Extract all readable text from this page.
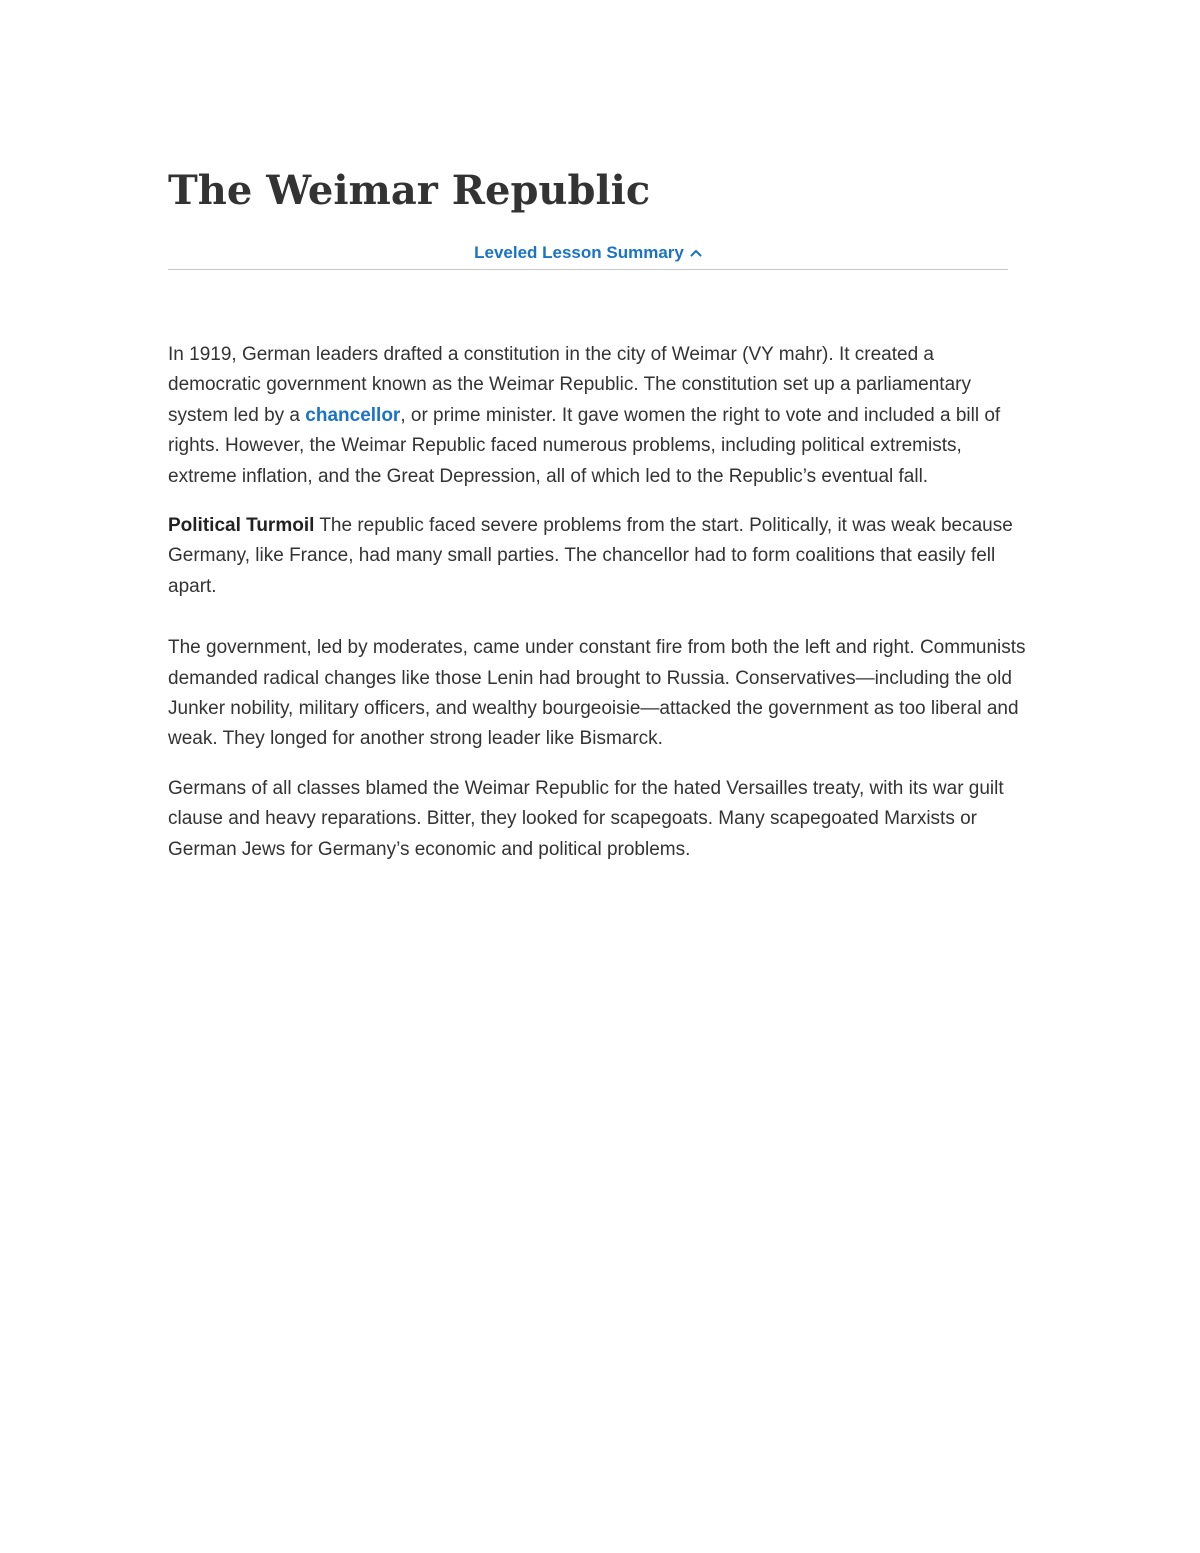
The Weimar Republic
Leveled Lesson Summary

In 1919, German leaders drafted a constitution in the city of Weimar (VY mahr). It created a democratic government known as the Weimar Republic. The constitution set up a parliamentary system led by a chancellor, or prime minister. It gave women the right to vote and included a bill of rights. However, the Weimar Republic faced numerous problems, including political extremists, extreme inflation, and the Great Depression, all of which led to the Republic’s eventual fall.

Political Turmoil The republic faced severe problems from the start. Politically, it was weak because Germany, like France, had many small parties. The chancellor had to form coalitions that easily fell apart.

The government, led by moderates, came under constant fire from both the left and right. Communists demanded radical changes like those Lenin had brought to Russia. Conservatives—including the old Junker nobility, military officers, and wealthy bourgeoisie—attacked the government as too liberal and weak. They longed for another strong leader like Bismarck.

Germans of all classes blamed the Weimar Republic for the hated Versailles treaty, with its war guilt clause and heavy reparations. Bitter, they looked for scapegoats. Many scapegoated Marxists or German Jews for Germany’s economic and political problems.
